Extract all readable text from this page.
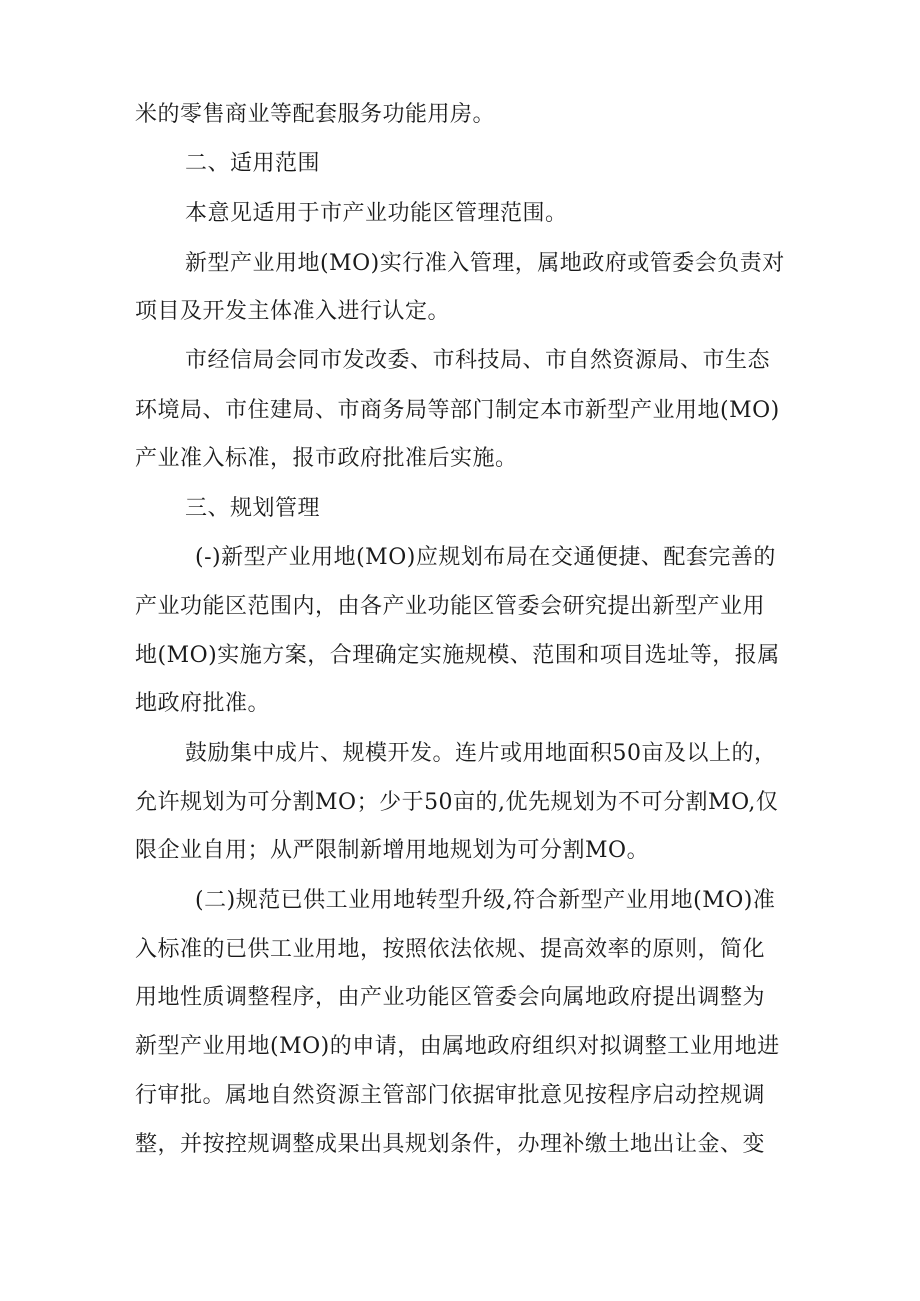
米的零售商业等配套服务功能用房。
二、适用范围
本意见适用于市产业功能区管理范围。
新型产业用地(MO)实行准入管理，属地政府或管委会负责对
项目及开发主体准入进行认定。
市经信局会同市发改委、市科技局、市自然资源局、市生态
环境局、市住建局、市商务局等部门制定本市新型产业用地(MO)
产业准入标准，报市政府批准后实施。
三、规划管理
(-)新型产业用地(MO)应规划布局在交通便捷、配套完善的
产业功能区范围内，由各产业功能区管委会研究提出新型产业用
地(MO)实施方案，合理确定实施规模、范围和项目选址等，报属
地政府批准。
鼓励集中成片、规模开发。连片或用地面积50亩及以上的，
允许规划为可分割MO；少于50亩的,优先规划为不可分割MO,仅
限企业自用；从严限制新增用地规划为可分割MO。
(二)规范已供工业用地转型升级,符合新型产业用地(MO)准
入标准的已供工业用地，按照依法依规、提高效率的原则，简化
用地性质调整程序，由产业功能区管委会向属地政府提出调整为
新型产业用地(MO)的申请，由属地政府组织对拟调整工业用地进
行审批。属地自然资源主管部门依据审批意见按程序启动控规调
整，并按控规调整成果出具规划条件，办理补缴土地出让金、变
